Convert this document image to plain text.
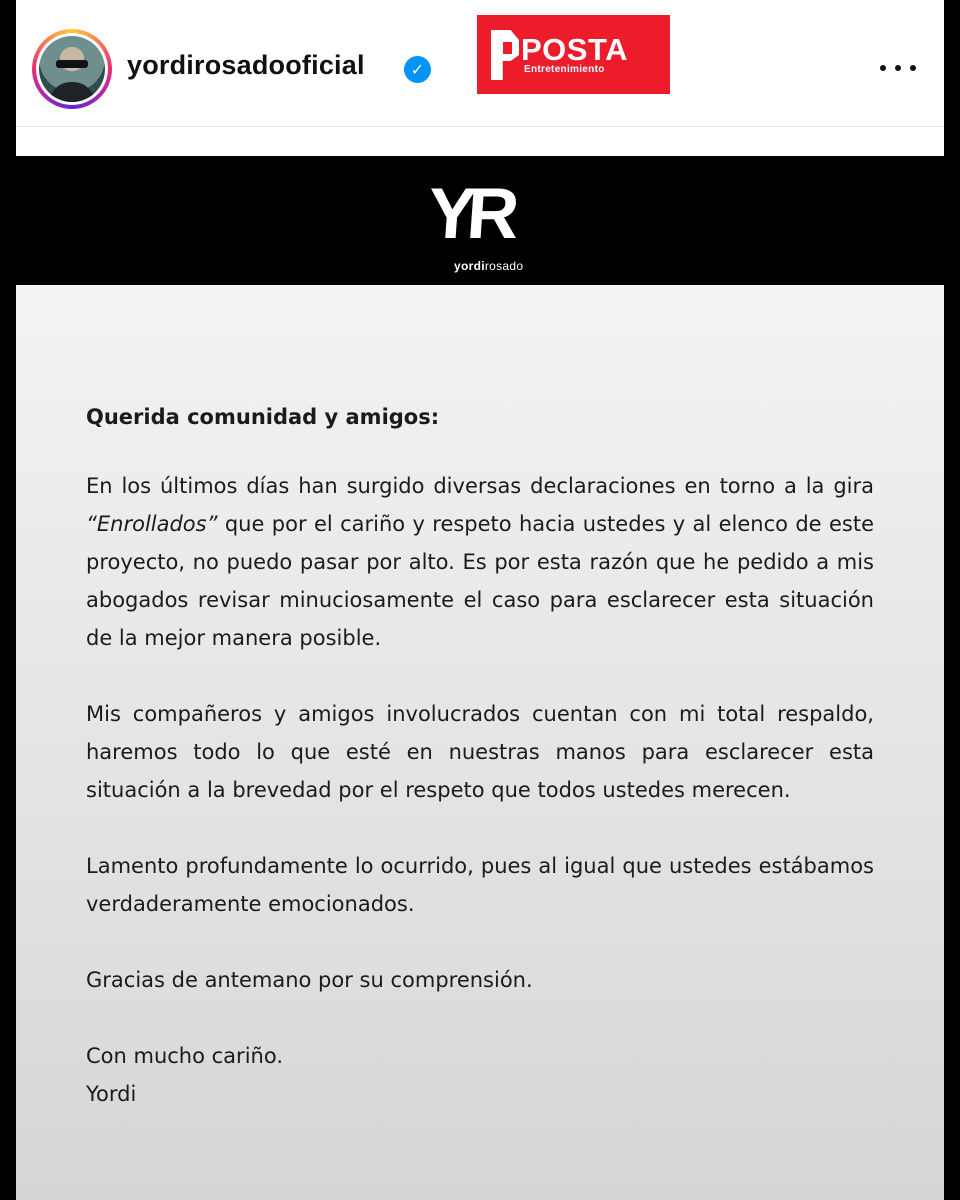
yordirosadooficial	✓
POSTA
Entretenimiento
YR
yordirosado

Querida comunidad y amigos:

En los últimos días han surgido diversas declaraciones en torno a la gira “Enrollados” que por el cariño y respeto hacia ustedes y al elenco de este proyecto, no puedo pasar por alto. Es por esta razón que he pedido a mis abogados revisar minuciosamente el caso para esclarecer esta situación de la mejor manera posible.

Mis compañeros y amigos involucrados cuentan con mi total respaldo, haremos todo lo que esté en nuestras manos para esclarecer esta situación a la brevedad por el respeto que todos ustedes merecen.

Lamento profundamente lo ocurrido, pues al igual que ustedes estábamos verdaderamente emocionados.

Gracias de antemano por su comprensión.

Con mucho cariño.

Yordi
